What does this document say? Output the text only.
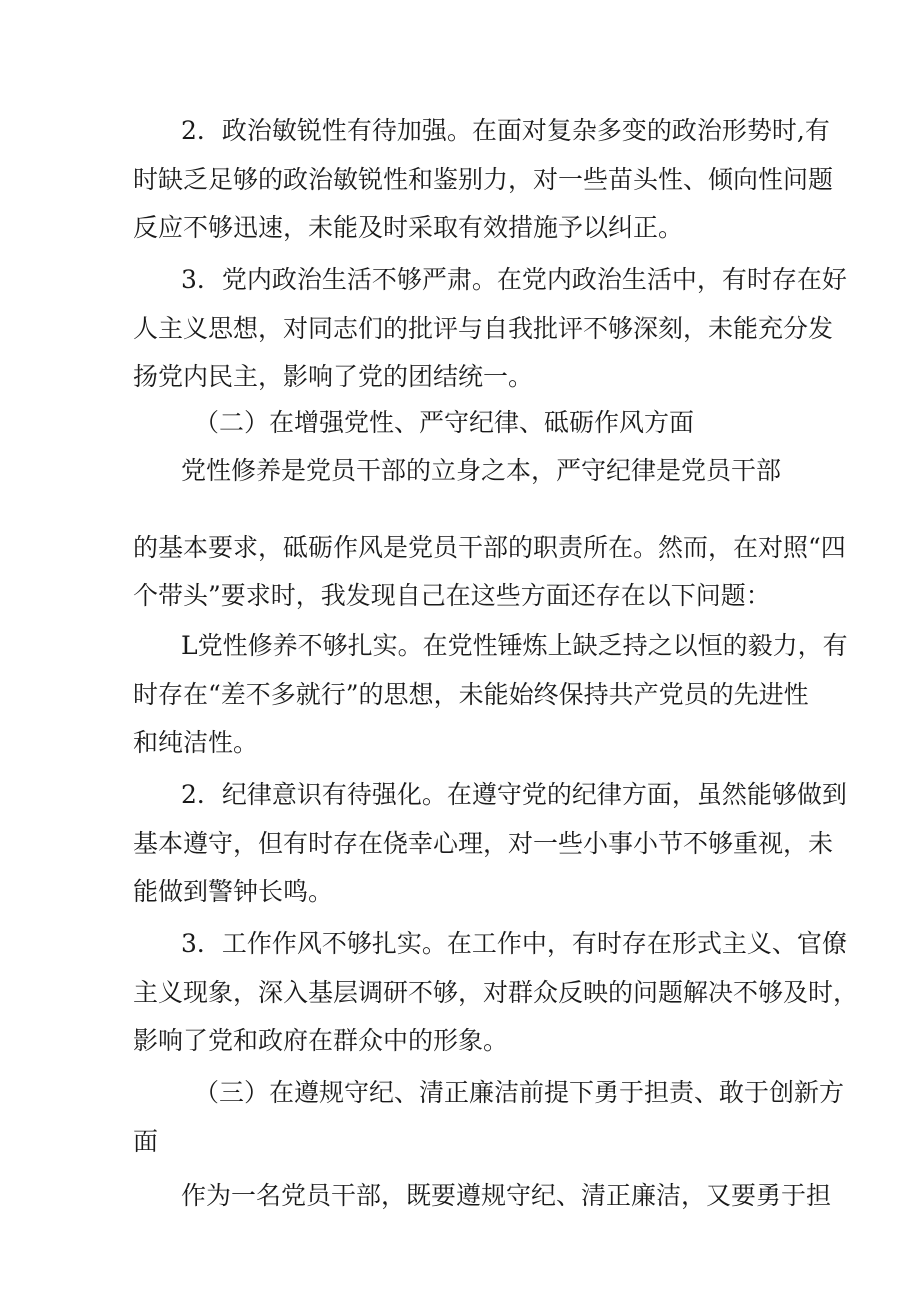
2．政治敏锐性有待加强。在面对复杂多变的政治形势时,有

时缺乏足够的政治敏锐性和鉴别力，对一些苗头性、倾向性问题

反应不够迅速，未能及时采取有效措施予以纠正。

3．党内政治生活不够严肃。在党内政治生活中，有时存在好

人主义思想，对同志们的批评与自我批评不够深刻，未能充分发

扬党内民主，影响了党的团结统一。

（二）在增强党性、严守纪律、砥砺作风方面

党性修养是党员干部的立身之本，严守纪律是党员干部

的基本要求，砥砺作风是党员干部的职责所在。然而，在对照“四

个带头”要求时，我发现自己在这些方面还存在以下问题：

L党性修养不够扎实。在党性锤炼上缺乏持之以恒的毅力，有

时存在“差不多就行”的思想，未能始终保持共产党员的先进性

和纯洁性。

2．纪律意识有待强化。在遵守党的纪律方面，虽然能够做到

基本遵守，但有时存在侥幸心理，对一些小事小节不够重视，未

能做到警钟长鸣。

3．工作作风不够扎实。在工作中，有时存在形式主义、官僚

主义现象，深入基层调研不够，对群众反映的问题解决不够及时，

影响了党和政府在群众中的形象。

（三）在遵规守纪、清正廉洁前提下勇于担责、敢于创新方

面

作为一名党员干部，既要遵规守纪、清正廉洁，又要勇于担
